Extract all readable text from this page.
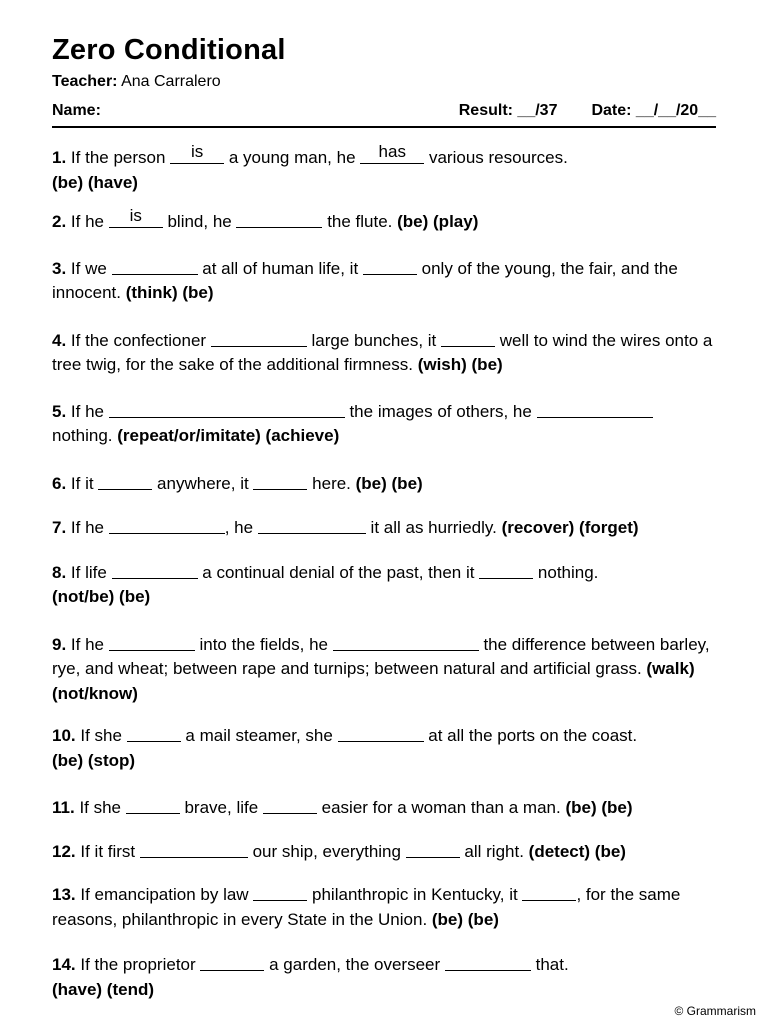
Zero Conditional
Teacher: Ana Carralero
Name:	Result: __/37 Date: __/__/20__

1. If the person	is	a young man, he	has	various resources.
(be) (have)

2. If he	is	blind, he	the flute. (be) (play)

3. If we	at all of human life, it	only of the young, the fair, and the innocent. (think) (be)

4. If the confectioner	large bunches, it	well to wind the wires onto a tree twig, for the sake of the additional firmness. (wish) (be)

5. If he	the images of others, he  nothing. (repeat/or/imitate) (achieve)

6. If it	anywhere, it	here. (be) (be)

7. If he	, he	it all as hurriedly. (recover) (forget)

8. If life	a continual denial of the past, then it	nothing.
(not/be) (be)

9. If he	into the fields, he	the difference between barley, rye, and wheat; between rape and turnips; between natural and artificial grass. (walk) (not/know)

10. If she	a mail steamer, she	at all the ports on the coast.
(be) (stop)

11. If she	brave, life	easier for a woman than a man. (be) (be)

12. If it first	our ship, everything	all right. (detect) (be)

13. If emancipation by law	philanthropic in Kentucky, it	, for the same reasons, philanthropic in every State in the Union. (be) (be)

14. If the proprietor	a garden, the overseer	that.
(have) (tend)

© Grammarism
